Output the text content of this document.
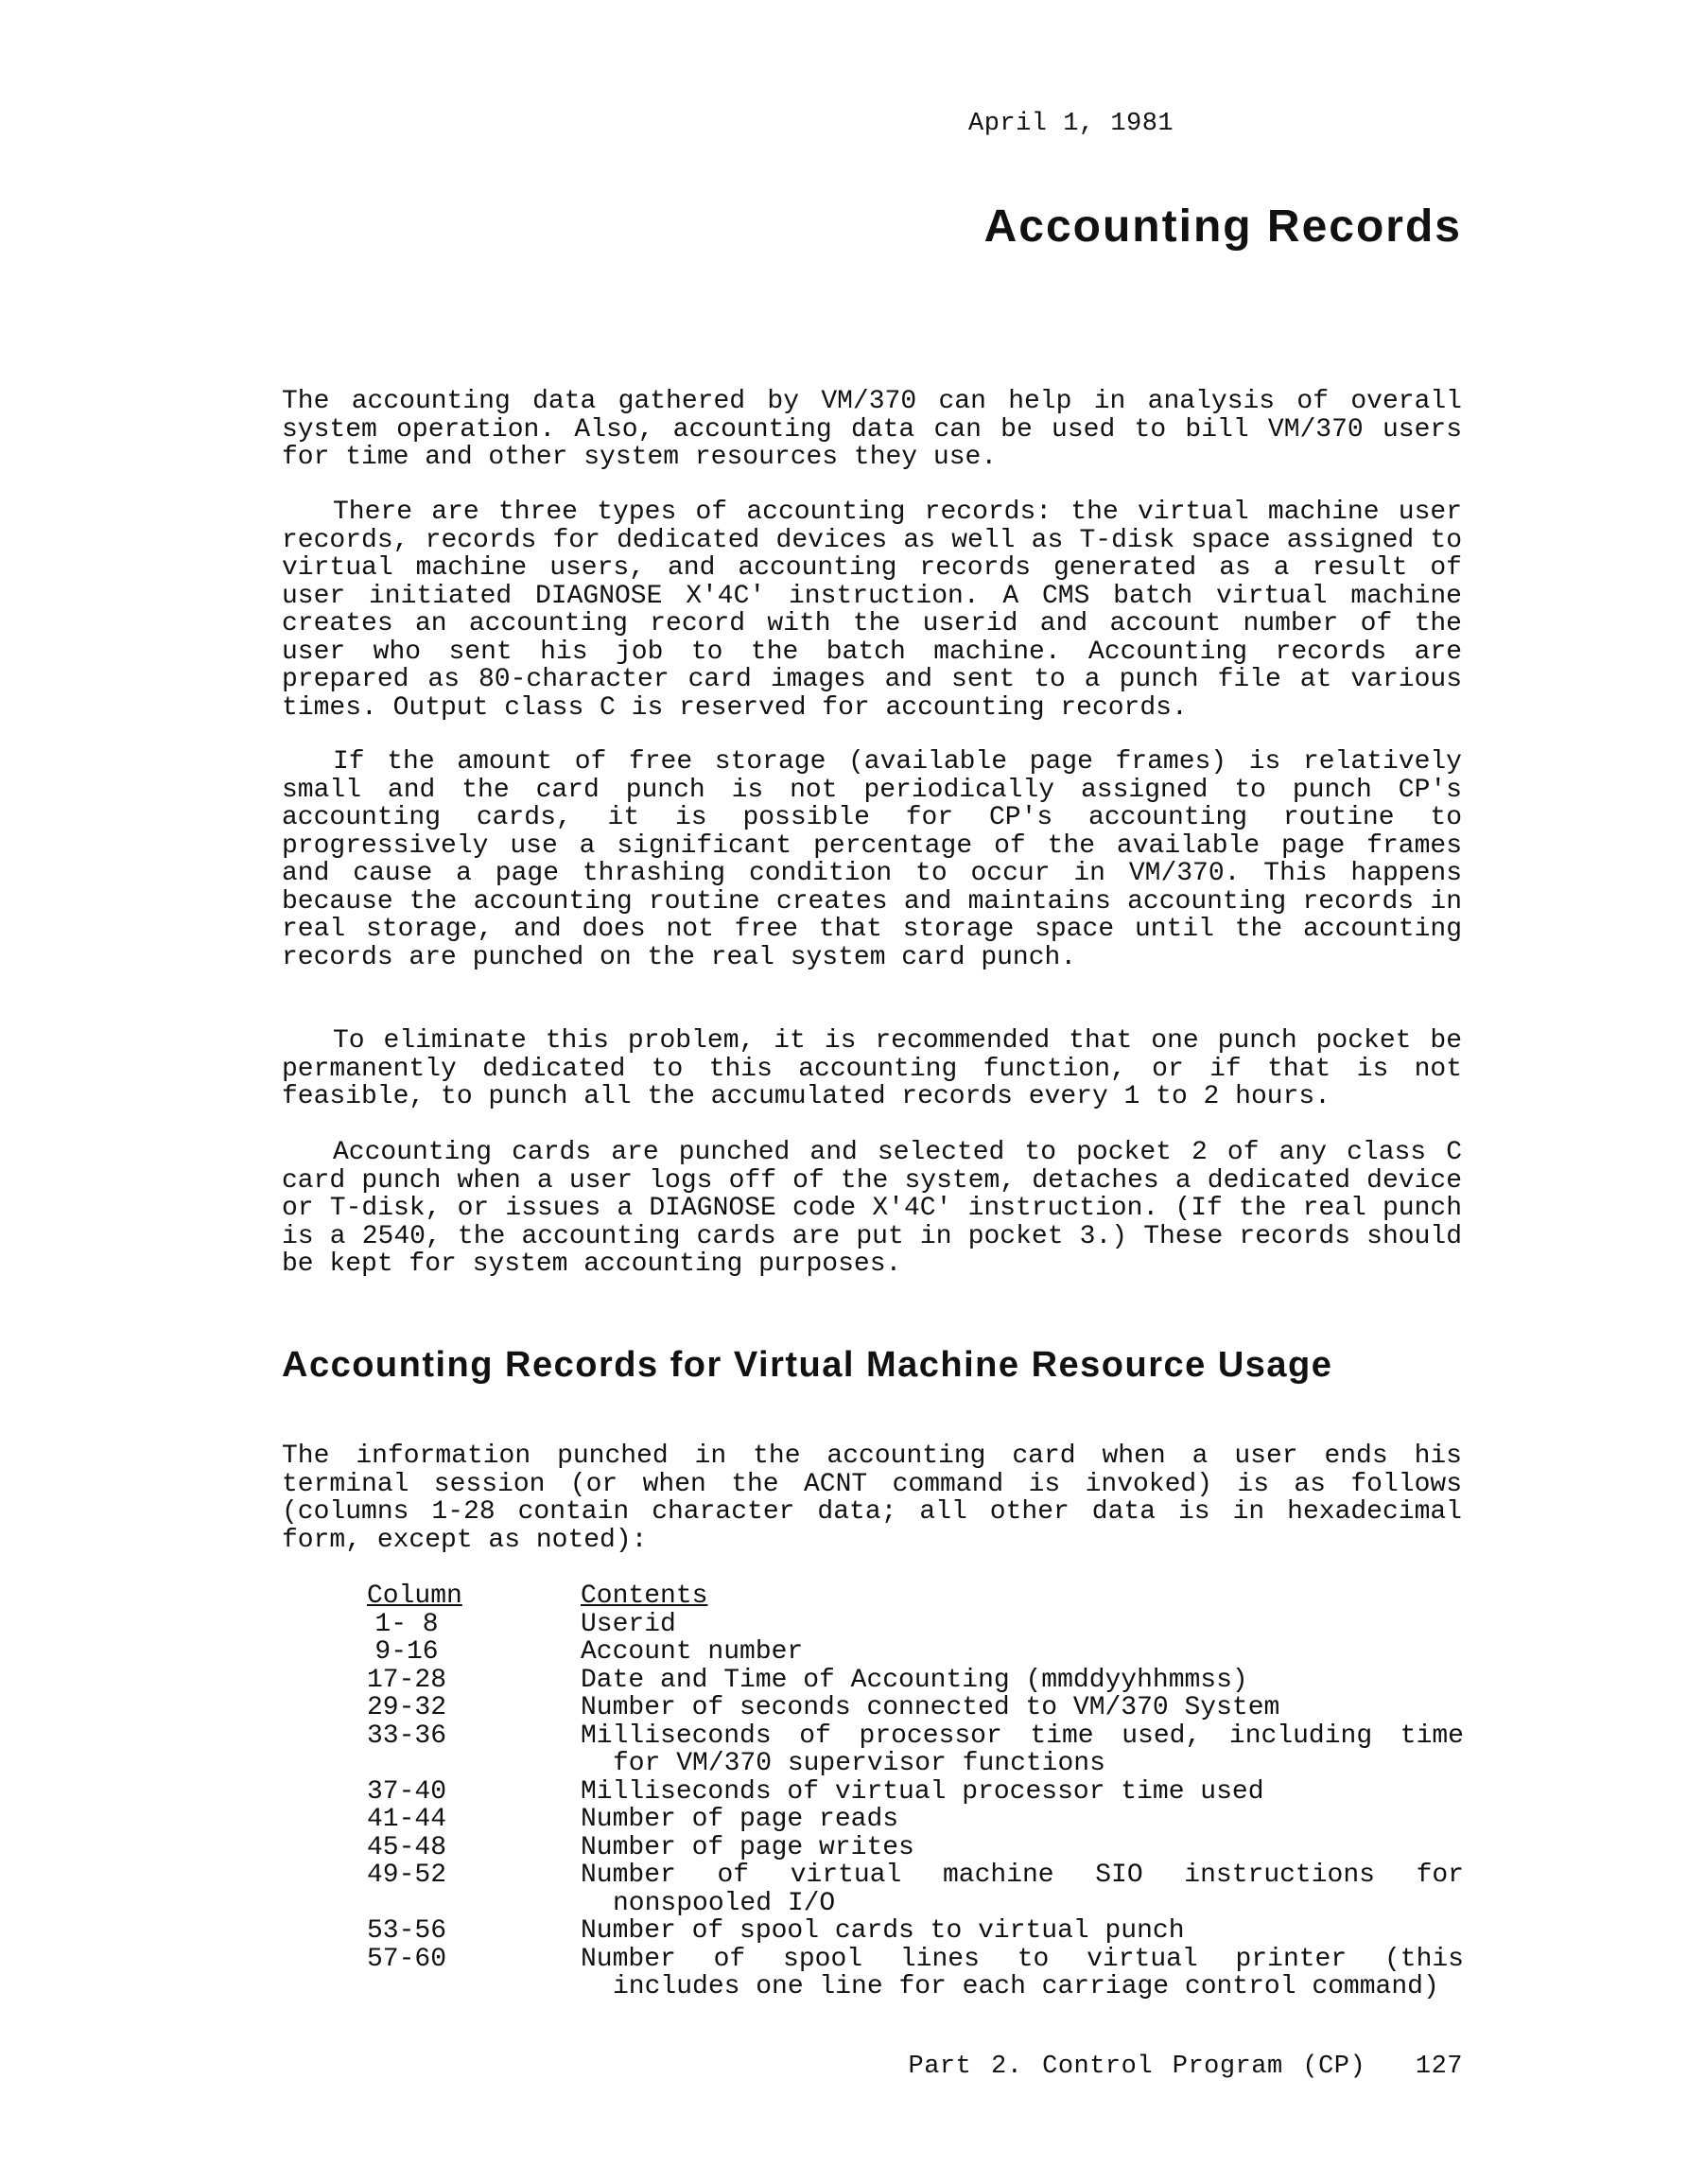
April 1, 1981
Accounting Records

The accounting data gathered by VM/370 can help in analysis of overall system operation. Also, accounting data can be used to bill VM/370 users for time and other system resources they use.

There are three types of accounting records: the virtual machine user records, records for dedicated devices as well as T-disk space assigned to virtual machine users, and accounting records generated as a result of user initiated DIAGNOSE X'4C' instruction. A CMS batch virtual machine creates an accounting record with the userid and account number of the user who sent his job to the batch machine. Accounting records are prepared as 80-character card images and sent to a punch file at various times. Output class C is reserved for accounting records.

If the amount of free storage (available page frames) is relatively small and the card punch is not periodically assigned to punch CP's accounting cards, it is possible for CP's accounting routine to progressively use a significant percentage of the available page frames and cause a page thrashing condition to occur in VM/370. This happens because the accounting routine creates and maintains accounting records in real storage, and does not free that storage space until the accounting records are punched on the real system card punch.

To eliminate this problem, it is recommended that one punch pocket be permanently dedicated to this accounting function, or if that is not feasible, to punch all the accumulated records every 1 to 2 hours.

Accounting cards are punched and selected to pocket 2 of any class C card punch when a user logs off of the system, detaches a dedicated device or T-disk, or issues a DIAGNOSE code X'4C' instruction. (If the real punch is a 2540, the accounting cards are put in pocket 3.) These records should be kept for system accounting purposes.

Accounting Records for Virtual Machine Resource Usage

The information punched in the accounting card when a user ends his terminal session (or when the ACNT command is invoked) is as follows (columns 1-28 contain character data; all other data is in hexadecimal form, except as noted):

Column	Contents
1- 8	Userid
9-16	Account number
17-28	Date and Time of Accounting (mmddyyhhmmss)
29-32	Number of seconds connected to VM/370 System
33-36	Milliseconds of processor time used, including time
for VM/370 supervisor functions
37-40	Milliseconds of virtual processor time used
41-44	Number of page reads
45-48	Number of page writes
49-52	Number of virtual machine SIO instructions for
nonspooled I/O
53-56	Number of spool cards to virtual punch
57-60	Number of spool lines to virtual printer (this
includes one line for each carriage control command)
Part 2. Control Program (CP) 127
